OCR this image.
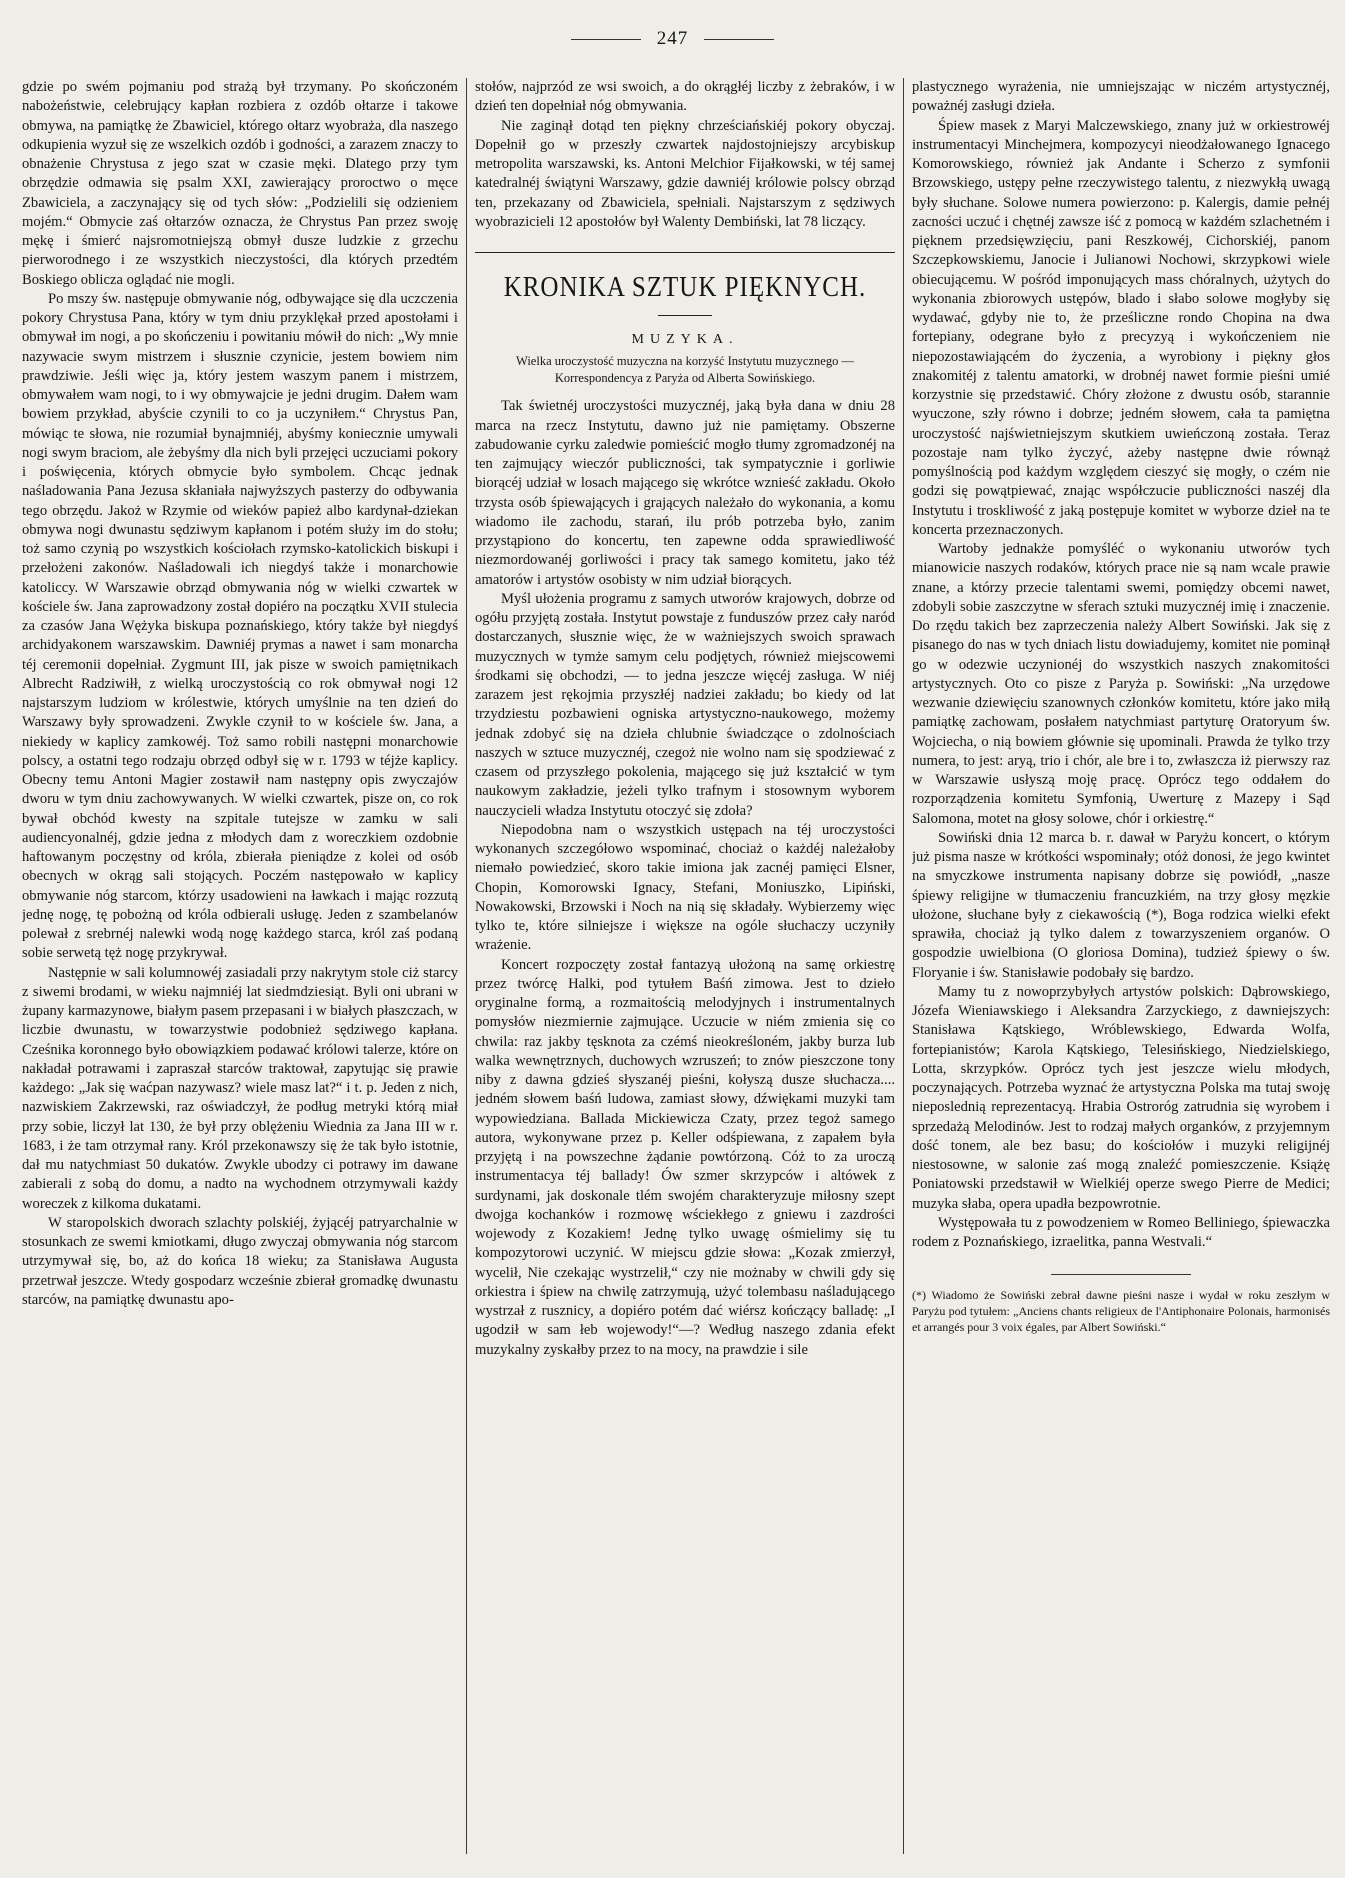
247

gdzie po swém pojmaniu pod strażą był trzymany. Po skończoném nabożeństwie, celebrujący kapłan rozbiera z ozdób ołtarze i takowe obmywa, na pamiątkę że Zbawiciel, którego ołtarz wyobraża, dla naszego odkupienia wyzuł się ze wszelkich ozdób i godności, a zarazem znaczy to obnażenie Chrystusa z jego szat w czasie męki. Dlatego przy tym obrzędzie odmawia się psalm XXI, zawierający proroctwo o męce Zbawiciela, a zaczynający się od tych słów: „Podzielili się odzieniem mojém.“ Obmycie zaś ołtarzów oznacza, że Chrystus Pan przez swoję mękę i śmierć najsromotniejszą obmył dusze ludzkie z grzechu pierworodnego i ze wszystkich nieczystości, dla których przedtém Boskiego oblicza oglądać nie mogli.

Po mszy św. następuje obmywanie nóg, odbywające się dla uczczenia pokory Chrystusa Pana, który w tym dniu przyklękał przed apostołami i obmywał im nogi, a po skończeniu i powitaniu mówił do nich: „Wy mnie nazywacie swym mistrzem i słusznie czynicie, jestem bowiem nim prawdziwie. Jeśli więc ja, który jestem waszym panem i mistrzem, obmywałem wam nogi, to i wy obmywajcie je jedni drugim. Dałem wam bowiem przykład, abyście czynili to co ja uczyniłem.“ Chrystus Pan, mówiąc te słowa, nie rozumiał bynajmniéj, abyśmy koniecznie umywali nogi swym braciom, ale żebyśmy dla nich byli przejęci uczuciami pokory i poświęcenia, których obmycie było symbolem. Chcąc jednak naśladowania Pana Jezusa skłaniała najwyższych pasterzy do odbywania tego obrzędu. Jakoż w Rzymie od wieków papież albo kardynał-dziekan obmywa nogi dwunastu sędziwym kapłanom i potém służy im do stołu; toż samo czynią po wszystkich kościołach rzymsko-katolickich biskupi i przełożeni zakonów. Naśladowali ich niegdyś także i monarchowie katoliccy. W Warszawie obrząd obmywania nóg w wielki czwartek w kościele św. Jana zaprowadzony został dopiéro na początku XVII stulecia za czasów Jana Wężyka biskupa poznańskiego, który także był niegdyś archidyakonem warszawskim. Dawniéj prymas a nawet i sam monarcha téj ceremonii dopełniał. Zygmunt III, jak pisze w swoich pamiętnikach Albrecht Radziwiłł, z wielką uroczystością co rok obmywał nogi 12 najstarszym ludziom w królestwie, których umyślnie na ten dzień do Warszawy były sprowadzeni. Zwykle czynił to w kościele św. Jana, a niekiedy w kaplicy zamkowéj. Toż samo robili następni monarchowie polscy, a ostatni tego rodzaju obrzęd odbył się w r. 1793 w téjże kaplicy. Obecny temu Antoni Magier zostawił nam następny opis zwyczajów dworu w tym dniu zachowywanych. W wielki czwartek, pisze on, co rok bywał obchód kwesty na szpitale tutejsze w zamku w sali audiencyonalnéj, gdzie jedna z młodych dam z woreczkiem ozdobnie haftowanym poczęstny od króla, zbierała pieniądze z kolei od osób obecnych w okrąg sali stojących. Poczém następowało w kaplicy obmywanie nóg starcom, którzy usadowieni na ławkach i mając rozzutą jednę nogę, tę pobożną od króla odbierali usługę. Jeden z szambelanów polewał z srebrnéj nalewki wodą nogę każdego starca, król zaś podaną sobie serwetą tęż nogę przykrywał.

Następnie w sali kolumnowéj zasiadali przy nakrytym stole ciż starcy z siwemi brodami, w wieku najmniéj lat siedmdziesiąt. Byli oni ubrani w żupany karmazynowe, białym pasem przepasani i w białych płaszczach, w liczbie dwunastu, w towarzystwie podobnież sędziwego kapłana. Cześnika koronnego było obowiązkiem podawać królowi talerze, które on nakładał potrawami i zapraszał starców traktował, zapytując się prawie każdego: „Jak się waćpan nazywasz? wiele masz lat?“ i t. p. Jeden z nich, nazwiskiem Zakrzewski, raz oświadczył, że podług metryki którą miał przy sobie, liczył lat 130, że był przy oblężeniu Wiednia za Jana III w r. 1683, i że tam otrzymał rany. Król przekonawszy się że tak było istotnie, dał mu natychmiast 50 dukatów. Zwykle ubodzy ci potrawy im dawane zabierali z sobą do domu, a nadto na wychodnem otrzymywali każdy woreczek z kilkoma dukatami.

W staropolskich dworach szlachty polskiéj, żyjącéj patryarchalnie w stosunkach ze swemi kmiotkami, długo zwyczaj obmywania nóg starcom utrzymywał się, bo, aż do końca 18 wieku; za Stanisława Augusta przetrwał jeszcze. Wtedy gospodarz wcześnie zbierał gromadkę dwunastu starców, na pamiątkę dwunastu apo-

stołów, najprzód ze wsi swoich, a do okrągłéj liczby z żebraków, i w dzień ten dopełniał nóg obmywania.

Nie zaginął dotąd ten piękny chrześciańskiéj pokory obyczaj. Dopełnił go w przeszły czwartek najdostojniejszy arcybiskup metropolita warszawski, ks. Antoni Melchior Fijałkowski, w téj samej katedralnéj świątyni Warszawy, gdzie dawniéj królowie polscy obrząd ten, przekazany od Zbawiciela, spełniali. Najstarszym z sędziwych wyobrazicieli 12 apostołów był Walenty Dembiński, lat 78 liczący.

KRONIKA SZTUK PIĘKNYCH.
MUZYKA.
Wielka uroczystość muzyczna na korzyść Instytutu muzycznego — Korrespondencya z Paryża od Alberta Sowińskiego.

Tak świetnéj uroczystości muzycznéj, jaką była dana w dniu 28 marca na rzecz Instytutu, dawno już nie pamiętamy. Obszerne zabudowanie cyrku zaledwie pomieścić mogło tłumy zgromadzonéj na ten zajmujący wieczór publiczności, tak sympatycznie i gorliwie biorącéj udział w losach mającego się wkrótce wznieść zakładu. Około trzysta osób śpiewających i grających należało do wykonania, a komu wiadomo ile zachodu, starań, ilu prób potrzeba było, zanim przystąpiono do koncertu, ten zapewne odda sprawiedliwość niezmordowanéj gorliwości i pracy tak samego komitetu, jako téż amatorów i artystów osobisty w nim udział biorących.

Myśl ułożenia programu z samych utworów krajowych, dobrze od ogółu przyjętą została. Instytut powstaje z funduszów przez cały naród dostarczanych, słusznie więc, że w ważniejszych swoich sprawach muzycznych w tymże samym celu podjętych, również miejscowemi środkami się obchodzi, — to jedna jeszcze więcéj zasługa. W niéj zarazem jest rękojmia przyszłéj nadziei zakładu; bo kiedy od lat trzydziestu pozbawieni ogniska artystyczno-naukowego, możemy jednak zdobyć się na dzieła chlubnie świadczące o zdolnościach naszych w sztuce muzycznéj, czegoż nie wolno nam się spodziewać z czasem od przyszłego pokolenia, mającego się już kształcić w tym naukowym zakładzie, jeżeli tylko trafnym i stosownym wyborem nauczycieli władza Instytutu otoczyć się zdoła?

Niepodobna nam o wszystkich ustępach na téj uroczystości wykonanych szczegółowo wspominać, chociaż o każdéj należałoby niemało powiedzieć, skoro takie imiona jak zacnéj pamięci Elsner, Chopin, Komorowski Ignacy, Stefani, Moniuszko, Lipiński, Nowakowski, Brzowski i Noch na nią się składały. Wybierzemy więc tylko te, które silniejsze i większe na ogóle słuchaczy uczyniły wrażenie.

Koncert rozpoczęty został fantazyą ułożoną na samę orkiestrę przez twórcę Halki, pod tytułem Baśń zimowa. Jest to dzieło oryginalne formą, a rozmaitością melodyjnych i instrumentalnych pomysłów niezmiernie zajmujące. Uczucie w niém zmienia się co chwila: raz jakby tęsknota za czémś nieokreśloném, jakby burza lub walka wewnętrznych, duchowych wzruszeń; to znów pieszczone tony niby z dawna gdzieś słyszanéj pieśni, kołyszą dusze słuchacza.... jedném słowem baśń ludowa, zamiast słowy, dźwiękami muzyki tam wypowiedziana. Ballada Mickiewicza Czaty, przez tegoż samego autora, wykonywane przez p. Keller odśpiewana, z zapałem była przyjętą i na powszechne żądanie powtórzoną. Cóż to za uroczą instrumentacya téj ballady! Ów szmer skrzypców i altówek z surdynami, jak doskonale tlém swojém charakteryzuje miłosny szept dwojga kochanków i rozmowę wściekłego z gniewu i zazdrości wojewody z Kozakiem! Jednę tylko uwagę ośmielimy się tu kompozytorowi uczynić. W miejscu gdzie słowa: „Kozak zmierzył, wycelił, Nie czekając wystrzelił,“ czy nie możnaby w chwili gdy się orkiestra i śpiew na chwilę zatrzymują, użyć tolembasu naśladującego wystrzał z rusznicy, a dopiéro potém dać wiérsz kończący balladę: „I ugodził w sam łeb wojewody!“—? Według naszego zdania efekt muzykalny zyskałby przez to na mocy, na prawdzie i sile

plastycznego wyrażenia, nie umniejszając w niczém artystycznéj, poważnéj zasługi dzieła.

Śpiew masek z Maryi Malczewskiego, znany już w orkiestrowéj instrumentacyi Minchejmera, kompozycyi nieodżałowanego Ignacego Komorowskiego, również jak Andante i Scherzo z symfonii Brzowskiego, ustępy pełne rzeczywistego talentu, z niezwykłą uwagą były słuchane. Solowe numera powierzono: p. Kalergis, damie pełnéj zacności uczuć i chętnéj zawsze iść z pomocą w każdém szlachetném i pięknem przedsięwzięciu, pani Reszkowéj, Cichorskiéj, panom Szczepkowskiemu, Janocie i Julianowi Nochowi, skrzypkowi wiele obiecującemu. W pośród imponujących mass chóralnych, użytych do wykonania zbiorowych ustępów, blado i słabo solowe mogłyby się wydawać, gdyby nie to, że prześliczne rondo Chopina na dwa fortepiany, odegrane było z precyzyą i wykończeniem nie niepozostawiającém do życzenia, a wyrobiony i piękny głos znakomitéj z talentu amatorki, w drobnéj nawet formie pieśni umié korzystnie się przedstawić. Chóry złożone z dwustu osób, starannie wyuczone, szły równo i dobrze; jedném słowem, cała ta pamiętna uroczystość najświetniejszym skutkiem uwieńczoną została. Teraz pozostaje nam tylko życzyć, ażeby następne dwie równąż pomyślnością pod każdym względem cieszyć się mogły, o czém nie godzi się powątpiewać, znając współczucie publiczności naszéj dla Instytutu i troskliwość z jaką postępuje komitet w wyborze dzieł na te koncerta przeznaczonych.

Wartoby jednakże pomyśléć o wykonaniu utworów tych mianowicie naszych rodaków, których prace nie są nam wcale prawie znane, a którzy przecie talentami swemi, pomiędzy obcemi nawet, zdobyli sobie zaszczytne w sferach sztuki muzycznéj imię i znaczenie. Do rzędu takich bez zaprzeczenia należy Albert Sowiński. Jak się z pisanego do nas w tych dniach listu dowiadujemy, komitet nie pominął go w odezwie uczynionéj do wszystkich naszych znakomitości artystycznych. Oto co pisze z Paryża p. Sowiński: „Na urzędowe wezwanie dziewięciu szanownych członków komitetu, które jako miłą pamiątkę zachowam, posłałem natychmiast partyturę Oratoryum św. Wojciecha, o nią bowiem głównie się upominali. Prawda że tylko trzy numera, to jest: aryą, trio i chór, ale bre i to, zwłaszcza iż pierwszy raz w Warszawie usłyszą moję pracę. Oprócz tego oddałem do rozporządzenia komitetu Symfonią, Uwerturę z Mazepy i Sąd Salomona, motet na głosy solowe, chór i orkiestrę.“

Sowiński dnia 12 marca b. r. dawał w Paryżu koncert, o którym już pisma nasze w krótkości wspominały; otóż donosi, że jego kwintet na smyczkowe instrumenta napisany dobrze się powiódł, „nasze śpiewy religijne w tłumaczeniu francuzkiém, na trzy głosy męzkie ułożone, słuchane były z ciekawością (*), Boga rodzica wielki efekt sprawiła, chociaż ją tylko dalem z towarzyszeniem organów. O gospodzie uwielbiona (O gloriosa Domina), tudzież śpiewy o św. Floryanie i św. Stanisławie podobały się bardzo.

Mamy tu z nowoprzybyłych artystów polskich: Dąbrowskiego, Józefa Wieniawskiego i Aleksandra Zarzyckiego, z dawniejszych: Stanisława Kątskiego, Wróblewskiego, Edwarda Wolfa, fortepianistów; Karola Kątskiego, Telesińskiego, Niedzielskiego, Lotta, skrzypków. Oprócz tych jest jeszcze wielu młodych, poczynających. Potrzeba wyznać że artystyczna Polska ma tutaj swoję nieposlednią reprezentacyą. Hrabia Ostroróg zatrudnia się wyrobem i sprzedażą Melodinów. Jest to rodzaj małych organków, z przyjemnym dość tonem, ale bez basu; do kościołów i muzyki religijnéj niestosowne, w salonie zaś mogą znaleźć pomieszczenie. Książę Poniatowski przedstawił w Wielkiéj operze swego Pierre de Medici; muzyka słaba, opera upadła bezpowrotnie.

Występowała tu z powodzeniem w Romeo Belliniego, śpiewaczka rodem z Poznańskiego, izraelitka, panna Westvali.“

(*) Wiadomo że Sowiński zebrał dawne pieśni nasze i wydał w roku zeszłym w Paryżu pod tytułem: „Anciens chants religieux de l'Antiphonaire Polonais, harmonisés et arrangés pour 3 voix égales, par Albert Sowiński.“
